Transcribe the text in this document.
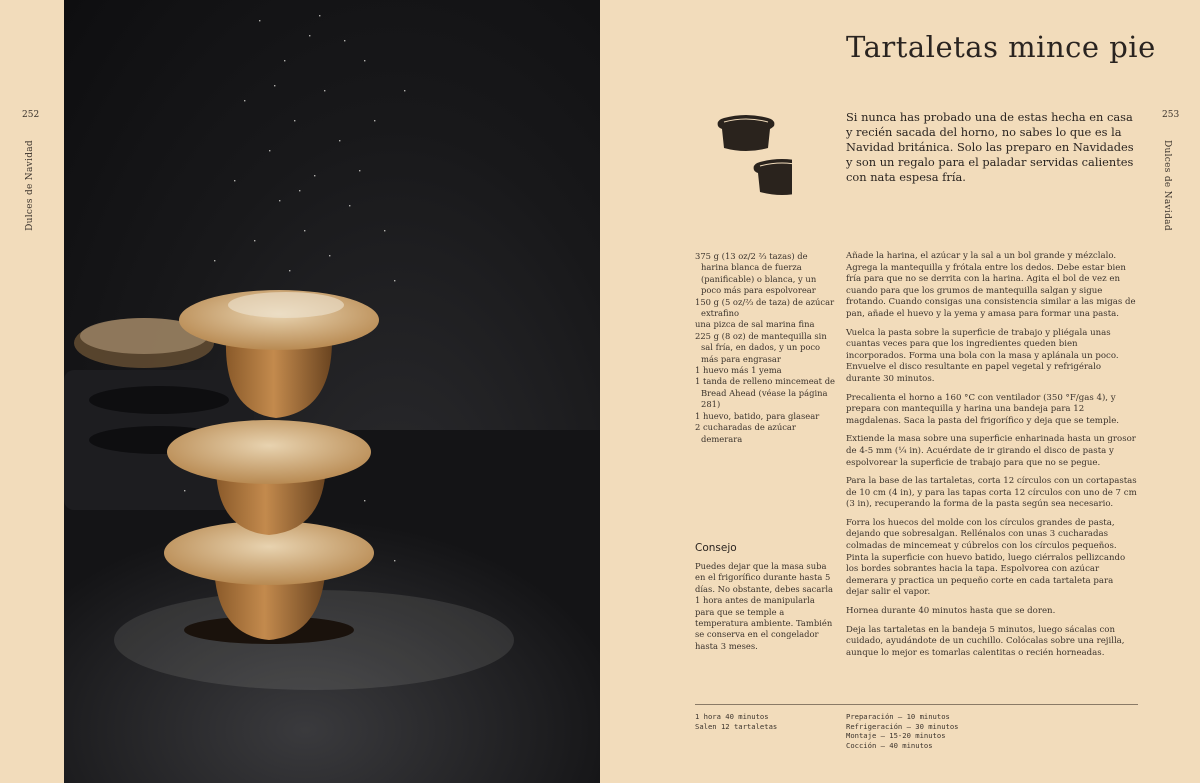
252
Dulces de Navidad
253
Dulces de Navidad
Tartaletas mince pie

Si nunca has probado una de estas hecha en casa y recién sacada del horno, no sabes lo que es la Navidad británica. Solo las preparo en Navidades y son un regalo para el paladar servidas calientes con nata espesa fría.

375 g (13 oz/2 ⅔ tazas) de harina blanca de fuerza (panificable) o blanca, y un poco más para espolvorear
150 g (5 oz/⅔ de taza) de azúcar extrafino
una pizca de sal marina fina
225 g (8 oz) de mantequilla sin sal fría, en dados, y un poco más para engrasar
1 huevo más 1 yema
1 tanda de relleno mincemeat de Bread Ahead (véase la página 281)
1 huevo, batido, para glasear
2 cucharadas de azúcar demerara

Añade la harina, el azúcar y la sal a un bol grande y mézclalo. Agrega la mantequilla y frótala entre los dedos. Debe estar bien fría para que no se derrita con la harina. Agita el bol de vez en cuando para que los grumos de mantequilla salgan y sigue frotando. Cuando consigas una consistencia similar a las migas de pan, añade el huevo y la yema y amasa para formar una pasta.

Vuelca la pasta sobre la superficie de trabajo y pliégala unas cuantas veces para que los ingredientes queden bien incorporados. Forma una bola con la masa y aplánala un poco. Envuelve el disco resultante en papel vegetal y refrigéralo durante 30 minutos.

Precalienta el horno a 160 °C con ventilador (350 °F/gas 4), y prepara con mantequilla y harina una bandeja para 12 magdalenas. Saca la pasta del frigorífico y deja que se temple.

Extiende la masa sobre una superficie enharinada hasta un grosor de 4-5 mm (¼ in). Acuérdate de ir girando el disco de pasta y espolvorear la superficie de trabajo para que no se pegue.

Para la base de las tartaletas, corta 12 círculos con un cortapastas de 10 cm (4 in), y para las tapas corta 12 círculos con uno de 7 cm (3 in), recuperando la forma de la pasta según sea necesario.

Forra los huecos del molde con los círculos grandes de pasta, dejando que sobresalgan. Rellénalos con unas 3 cucharadas colmadas de mincemeat y cúbrelos con los círculos pequeños. Pinta la superficie con huevo batido, luego ciérralos pellizcando los bordes sobrantes hacia la tapa. Espolvorea con azúcar demerara y practica un pequeño corte en cada tartaleta para dejar salir el vapor.

Hornea durante 40 minutos hasta que se doren.

Deja las tartaletas en la bandeja 5 minutos, luego sácalas con cuidado, ayudándote de un cuchillo. Colócalas sobre una rejilla, aunque lo mejor es tomarlas calentitas o recién horneadas.

Consejo

Puedes dejar que la masa suba en el frigorífico durante hasta 5 días. No obstante, debes sacarla 1 hora antes de manipularla para que se temple a temperatura ambiente. También se conserva en el congelador hasta 3 meses.

1 hora 40 minutos
Salen 12 tartaletas
Preparación – 10 minutos
Refrigeración – 30 minutos
Montaje – 15-20 minutos
Cocción – 40 minutos
